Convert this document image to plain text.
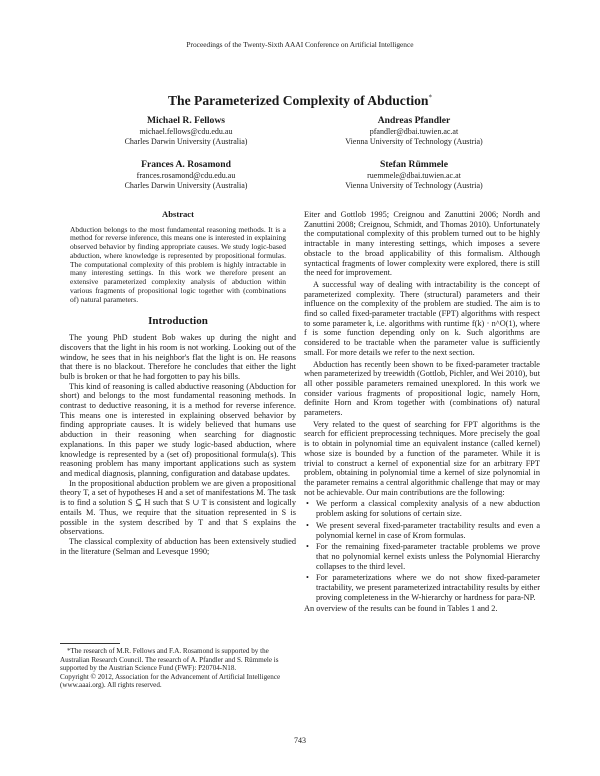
Proceedings of the Twenty-Sixth AAAI Conference on Artificial Intelligence
The Parameterized Complexity of Abduction*
Michael R. Fellows
michael.fellows@cdu.edu.au
Charles Darwin University (Australia)
Andreas Pfandler
pfandler@dbai.tuwien.ac.at
Vienna University of Technology (Austria)
Frances A. Rosamond
frances.rosamond@cdu.edu.au
Charles Darwin University (Australia)
Stefan Rümmele
ruemmele@dbai.tuwien.ac.at
Vienna University of Technology (Austria)
Abstract

Abduction belongs to the most fundamental reasoning methods. It is a method for reverse inference, this means one is interested in explaining observed behavior by finding appropriate causes. We study logic-based abduction, where knowledge is represented by propositional formulas. The computational complexity of this problem is highly intractable in many interesting settings. In this work we therefore present an extensive parameterized complexity analysis of abduction within various fragments of propositional logic together with (combinations of) natural parameters.

Introduction

The young PhD student Bob wakes up during the night and discovers that the light in his room is not working. Looking out of the window, he sees that in his neighbor's flat the light is on. He reasons that there is no blackout. Therefore he concludes that either the light bulb is broken or that he had forgotten to pay his bills.

This kind of reasoning is called abductive reasoning (Abduction for short) and belongs to the most fundamental reasoning methods. In contrast to deductive reasoning, it is a method for reverse inference. This means one is interested in explaining observed behavior by finding appropriate causes. It is widely believed that humans use abduction in their reasoning when searching for diagnostic explanations. In this paper we study logic-based abduction, where knowledge is represented by a (set of) propositional formula(s). This reasoning problem has many important applications such as system and medical diagnosis, planning, configuration and database updates.

In the propositional abduction problem we are given a propositional theory T, a set of hypotheses H and a set of manifestations M. The task is to find a solution S ⊆ H such that S ∪ T is consistent and logically entails M. Thus, we require that the situation represented in S is possible in the system described by T and that S explains the observations.

The classical complexity of abduction has been extensively studied in the literature (Selman and Levesque 1990;

Eiter and Gottlob 1995; Creignou and Zanuttini 2006; Nordh and Zanuttini 2008; Creignou, Schmidt, and Thomas 2010). Unfortunately the computational complexity of this problem turned out to be highly intractable in many interesting settings, which imposes a severe obstacle to the broad applicability of this formalism. Although syntactical fragments of lower complexity were explored, there is still the need for improvement.

A successful way of dealing with intractability is the concept of parameterized complexity. There (structural) parameters and their influence on the complexity of the problem are studied. The aim is to find so called fixed-parameter tractable (FPT) algorithms with respect to some parameter k, i.e. algorithms with runtime f(k) · n^O(1), where f is some function depending only on k. Such algorithms are considered to be tractable when the parameter value is sufficiently small. For more details we refer to the next section.

Abduction has recently been shown to be fixed-parameter tractable when parameterized by treewidth (Gottlob, Pichler, and Wei 2010), but all other possible parameters remained unexplored. In this work we consider various fragments of propositional logic, namely Horn, definite Horn and Krom together with (combinations of) natural parameters.

Very related to the quest of searching for FPT algorithms is the search for efficient preprocessing techniques. More precisely the goal is to obtain in polynomial time an equivalent instance (called kernel) whose size is bounded by a function of the parameter. While it is trivial to construct a kernel of exponential size for an arbitrary FPT problem, obtaining in polynomial time a kernel of size polynomial in the parameter remains a central algorithmic challenge that may or may not be achievable. Our main contributions are the following:

• We perform a classical complexity analysis of a new abduction problem asking for solutions of certain size.
• We present several fixed-parameter tractability results and even a polynomial kernel in case of Krom formulas.
• For the remaining fixed-parameter tractable problems we prove that no polynomial kernel exists unless the Polynomial Hierarchy collapses to the third level.
• For parameterizations where we do not show fixed-parameter tractability, we present parameterized intractability results by either proving completeness in the W-hierarchy or hardness for para-NP.

An overview of the results can be found in Tables 1 and 2.

*The research of M.R. Fellows and F.A. Rosamond is supported by the Australian Research Council. The research of A. Pfandler and S. Rümmele is supported by the Austrian Science Fund (FWF): P20704-N18.

Copyright © 2012, Association for the Advancement of Artificial Intelligence (www.aaai.org). All rights reserved.

743
